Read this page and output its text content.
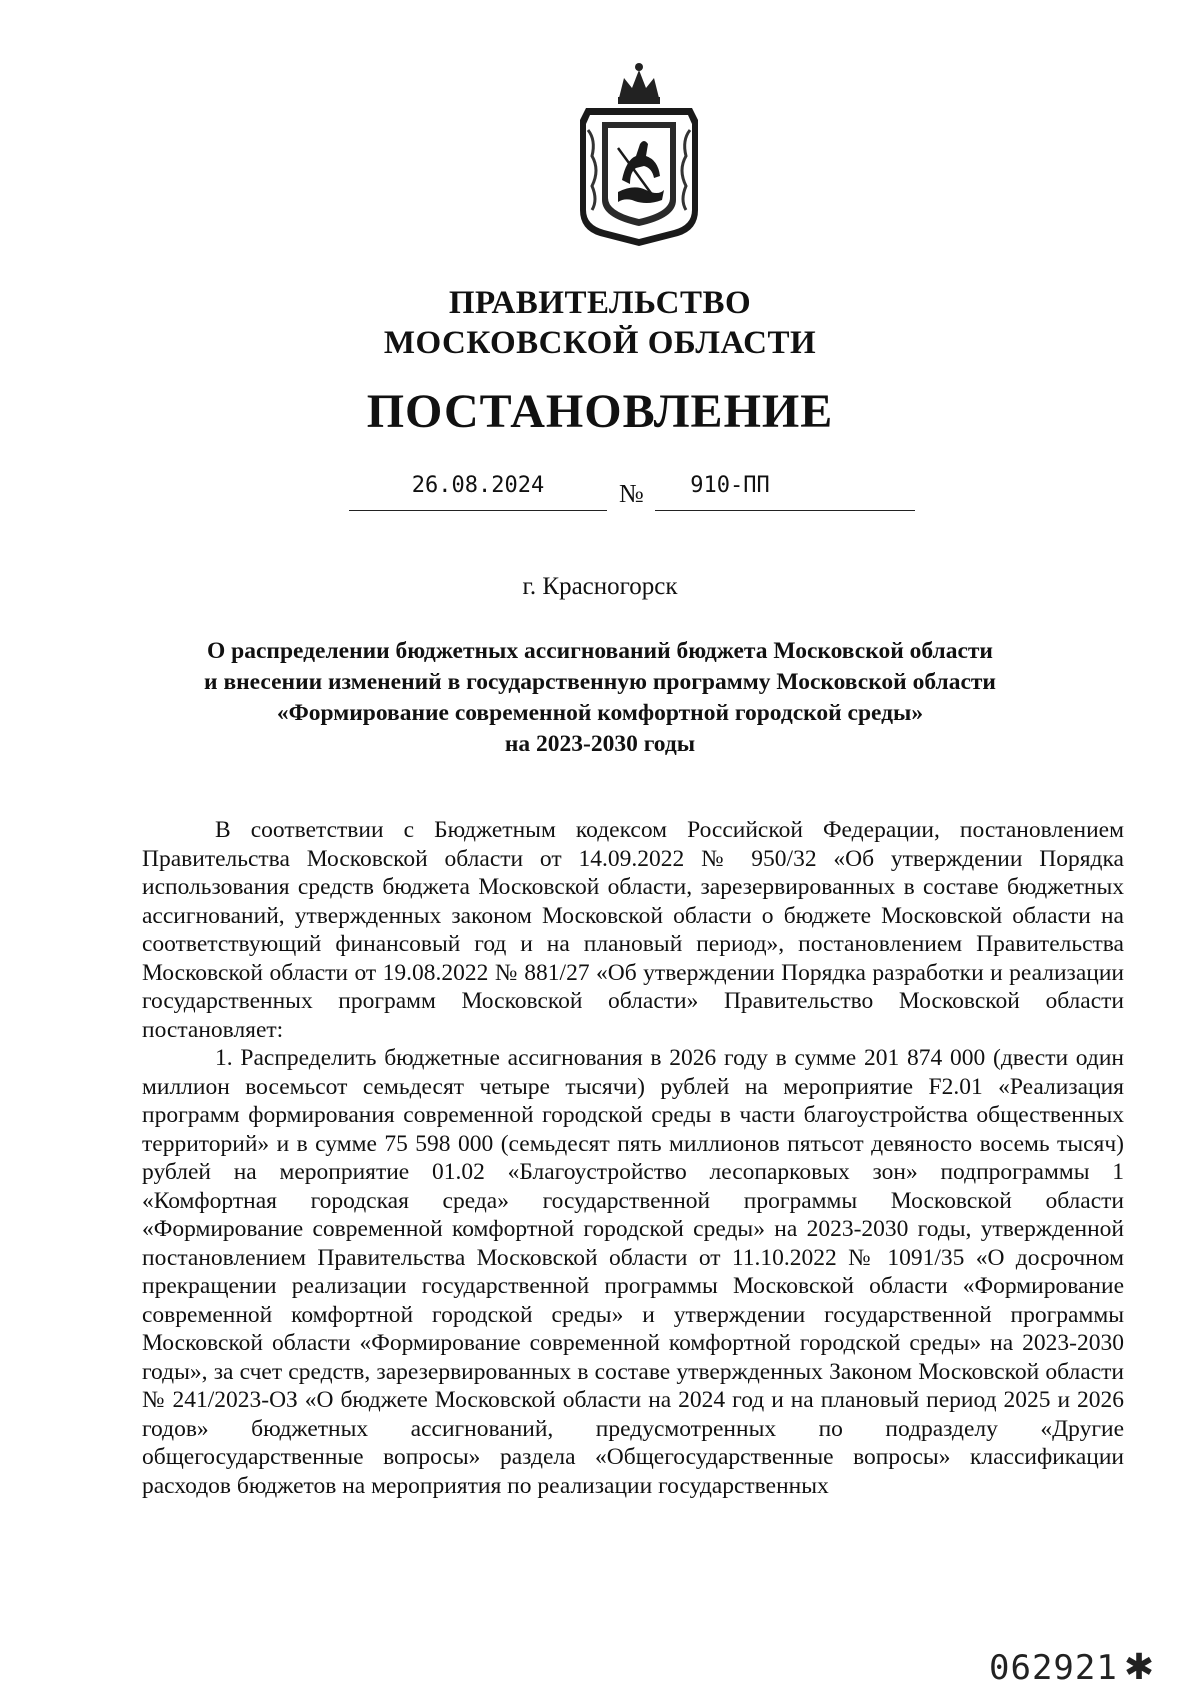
ПРАВИТЕЛЬСТВО
МОСКОВСКОЙ ОБЛАСТИ
ПОСТАНОВЛЕНИЕ
26.08.2024	№	910-ПП
г. Красногорск
О распределении бюджетных ассигнований бюджета Московской области
и внесении изменений в государственную программу Московской области
«Формирование современной комфортной городской среды»
на 2023-2030 годы

В соответствии с Бюджетным кодексом Российской Федерации, постановлением Правительства Московской области от 14.09.2022 № 950/32 «Об утверждении Порядка использования средств бюджета Московской области, зарезервированных в составе бюджетных ассигнований, утвержденных законом Московской области о бюджете Московской области на соответствующий финансовый год и на плановый период», постановлением Правительства Московской области от 19.08.2022 № 881/27 «Об утверждении Порядка разработки и реализации государственных программ Московской области» Правительство Московской области постановляет:

1. Распределить бюджетные ассигнования в 2026 году в сумме 201 874 000 (двести один миллион восемьсот семьдесят четыре тысячи) рублей на мероприятие F2.01 «Реализация программ формирования современной городской среды в части благоустройства общественных территорий» и в сумме 75 598 000 (семьдесят пять миллионов пятьсот девяносто восемь тысяч) рублей на мероприятие 01.02 «Благоустройство лесопарковых зон» подпрограммы 1 «Комфортная городская среда» государственной программы Московской области «Формирование современной комфортной городской среды» на 2023-2030 годы, утвержденной постановлением Правительства Московской области от 11.10.2022 № 1091/35 «О досрочном прекращении реализации государственной программы Московской области «Формирование современной комфортной городской среды» и утверждении государственной программы Московской области «Формирование современной комфортной городской среды» на 2023-2030 годы», за счет средств, зарезервированных в составе утвержденных Законом Московской области № 241/2023-ОЗ «О бюджете Московской области на 2024 год и на плановый период 2025 и 2026 годов» бюджетных ассигнований, предусмотренных по подразделу «Другие общегосударственные вопросы» раздела «Общегосударственные вопросы» классификации расходов бюджетов на мероприятия по реализации государственных

062921 ✱
